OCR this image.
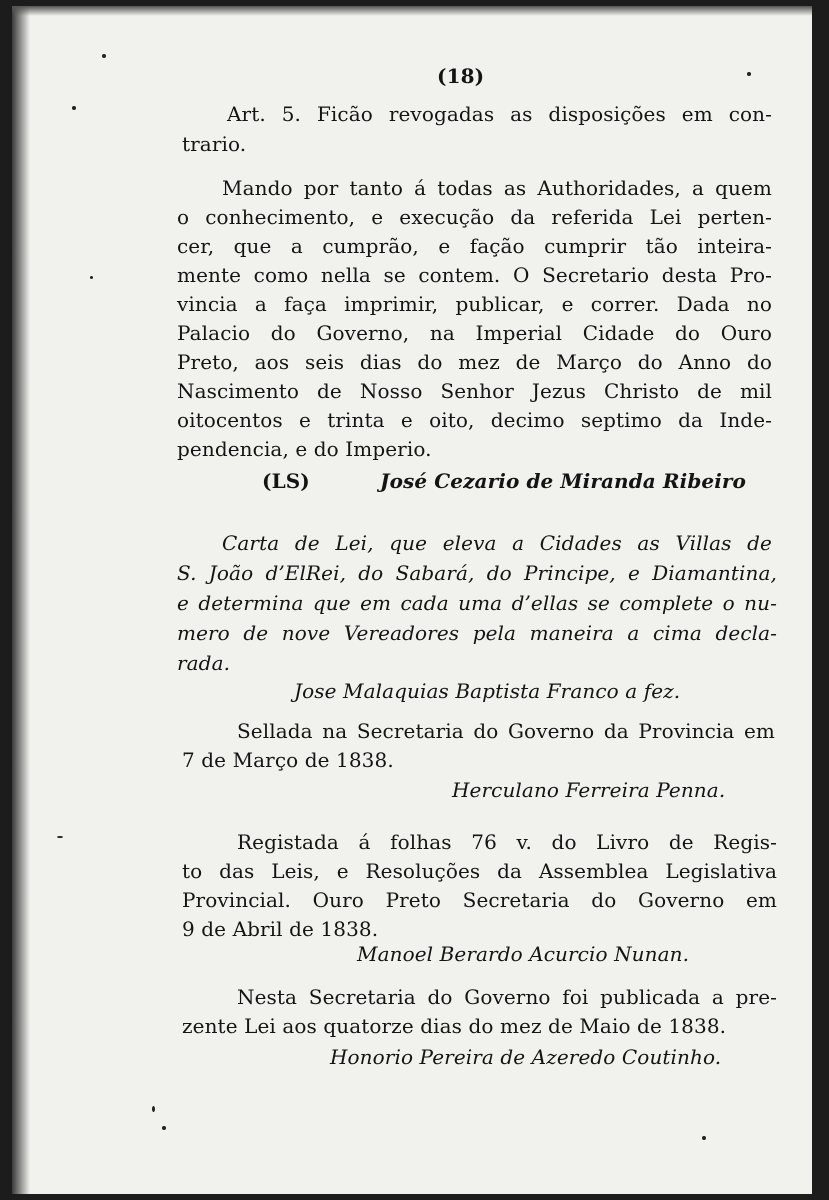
(18)
Art. 5. Ficão revogadas as disposições em con-
trario.
Mando por tanto á todas as Authoridades, a quem
o conhecimento, e execução da referida Lei perten-
cer, que a cumprão, e fação cumprir tão inteira-
mente como nella se contem. O Secretario desta Pro-
vincia a faça imprimir, publicar, e correr. Dada no
Palacio do Governo, na Imperial Cidade do Ouro
Preto, aos seis dias do mez de Março do Anno do
Nascimento de Nosso Senhor Jezus Christo de mil
oitocentos e trinta e oito, decimo septimo da Inde-
pendencia, e do Imperio.
(LS)	José Cezario de Miranda Ribeiro
Carta de Lei, que eleva a Cidades as Villas de
S. João d’ElRei, do Sabará, do Principe, e Diamantina,
e determina que em cada uma d’ellas se complete o nu-
mero de nove Vereadores pela maneira a cima decla-
rada.
Jose Malaquias Baptista Franco a fez.
Sellada na Secretaria do Governo da Provincia em
7 de Março de 1838.
Herculano Ferreira Penna.
Registada á folhas 76 v. do Livro de Regis-
to das Leis, e Resoluções da Assemblea Legislativa
Provincial. Ouro Preto Secretaria do Governo em
9 de Abril de 1838.
Manoel Berardo Acurcio Nunan.
Nesta Secretaria do Governo foi publicada a pre-
zente Lei aos quatorze dias do mez de Maio de 1838.
Honorio Pereira de Azeredo Coutinho.
